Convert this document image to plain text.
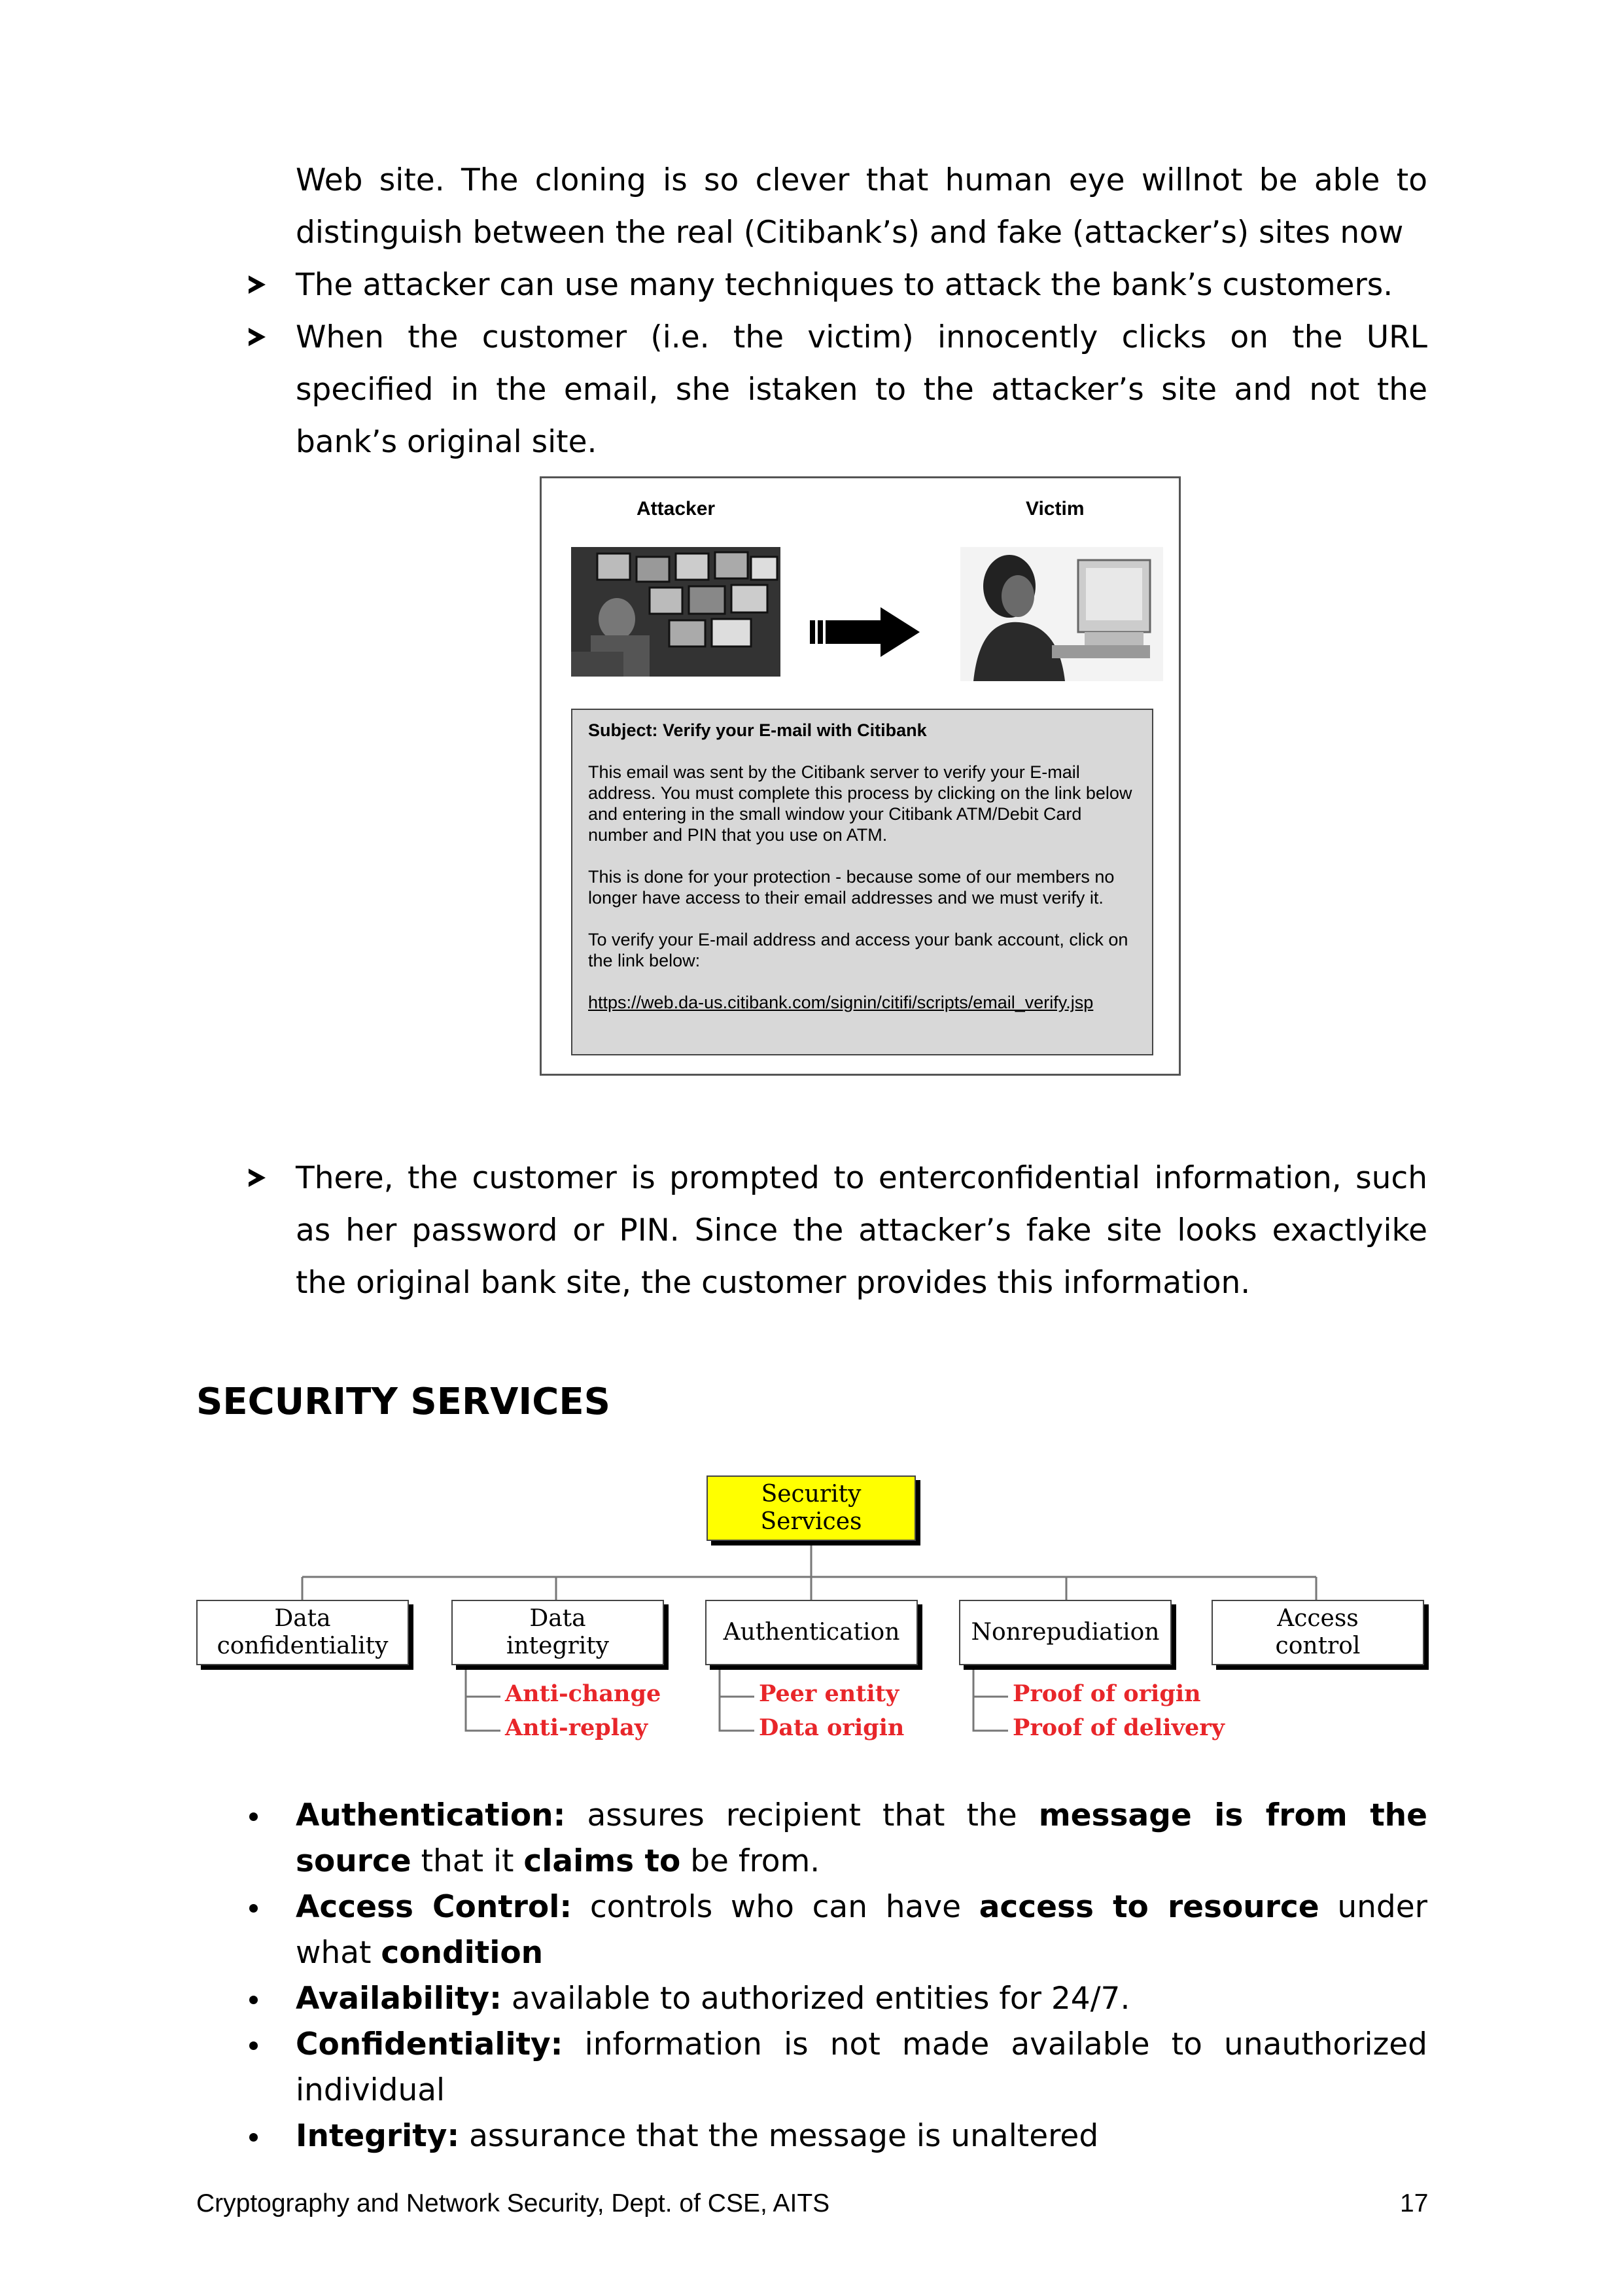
Web site. The cloning is so clever that human eye willnot be able to distinguish between the real (Citibank’s) and fake (attacker’s) sites now
The attacker can use many techniques to attack the bank’s customers.
When the customer (i.e. the victim) innocently clicks on the URL specified in the email, she istaken to the attacker’s site and not the bank’s original site.
Attacker	Victim

Subject: Verify your E-mail with Citibank

This email was sent by the Citibank server to verify your E-mail address. You must complete this process by clicking on the link below and entering in the small window your Citibank ATM/Debit Card number and PIN that you use on ATM.

This is done for your protection - because some of our members no longer have access to their email addresses and we must verify it.

To verify your E-mail address and access your bank account, click on the link below:

https://web.da-us.citibank.com/signin/citifi/scripts/email_verify.jsp

There, the customer is prompted to enterconfidential information, such as her password or PIN. Since the attacker’s fake site looks exactlyike the original bank site, the customer provides this information.
SECURITY SERVICES
Security Services
Data confidentiality
Data integrity
Authentication	Nonrepudiation
Access control
Anti-change
Anti-replay
Peer entity
Data origin
Proof of origin
Proof of delivery
Authentication: assures recipient that the message is from the source that it claims to be from.
Access Control: controls who can have access to resource under what condition
Availability: available to authorized entities for 24/7.
Confidentiality: information is not made available to unauthorized individual
Integrity: assurance that the message is unaltered
Cryptography and Network Security, Dept. of CSE, AITS	17
